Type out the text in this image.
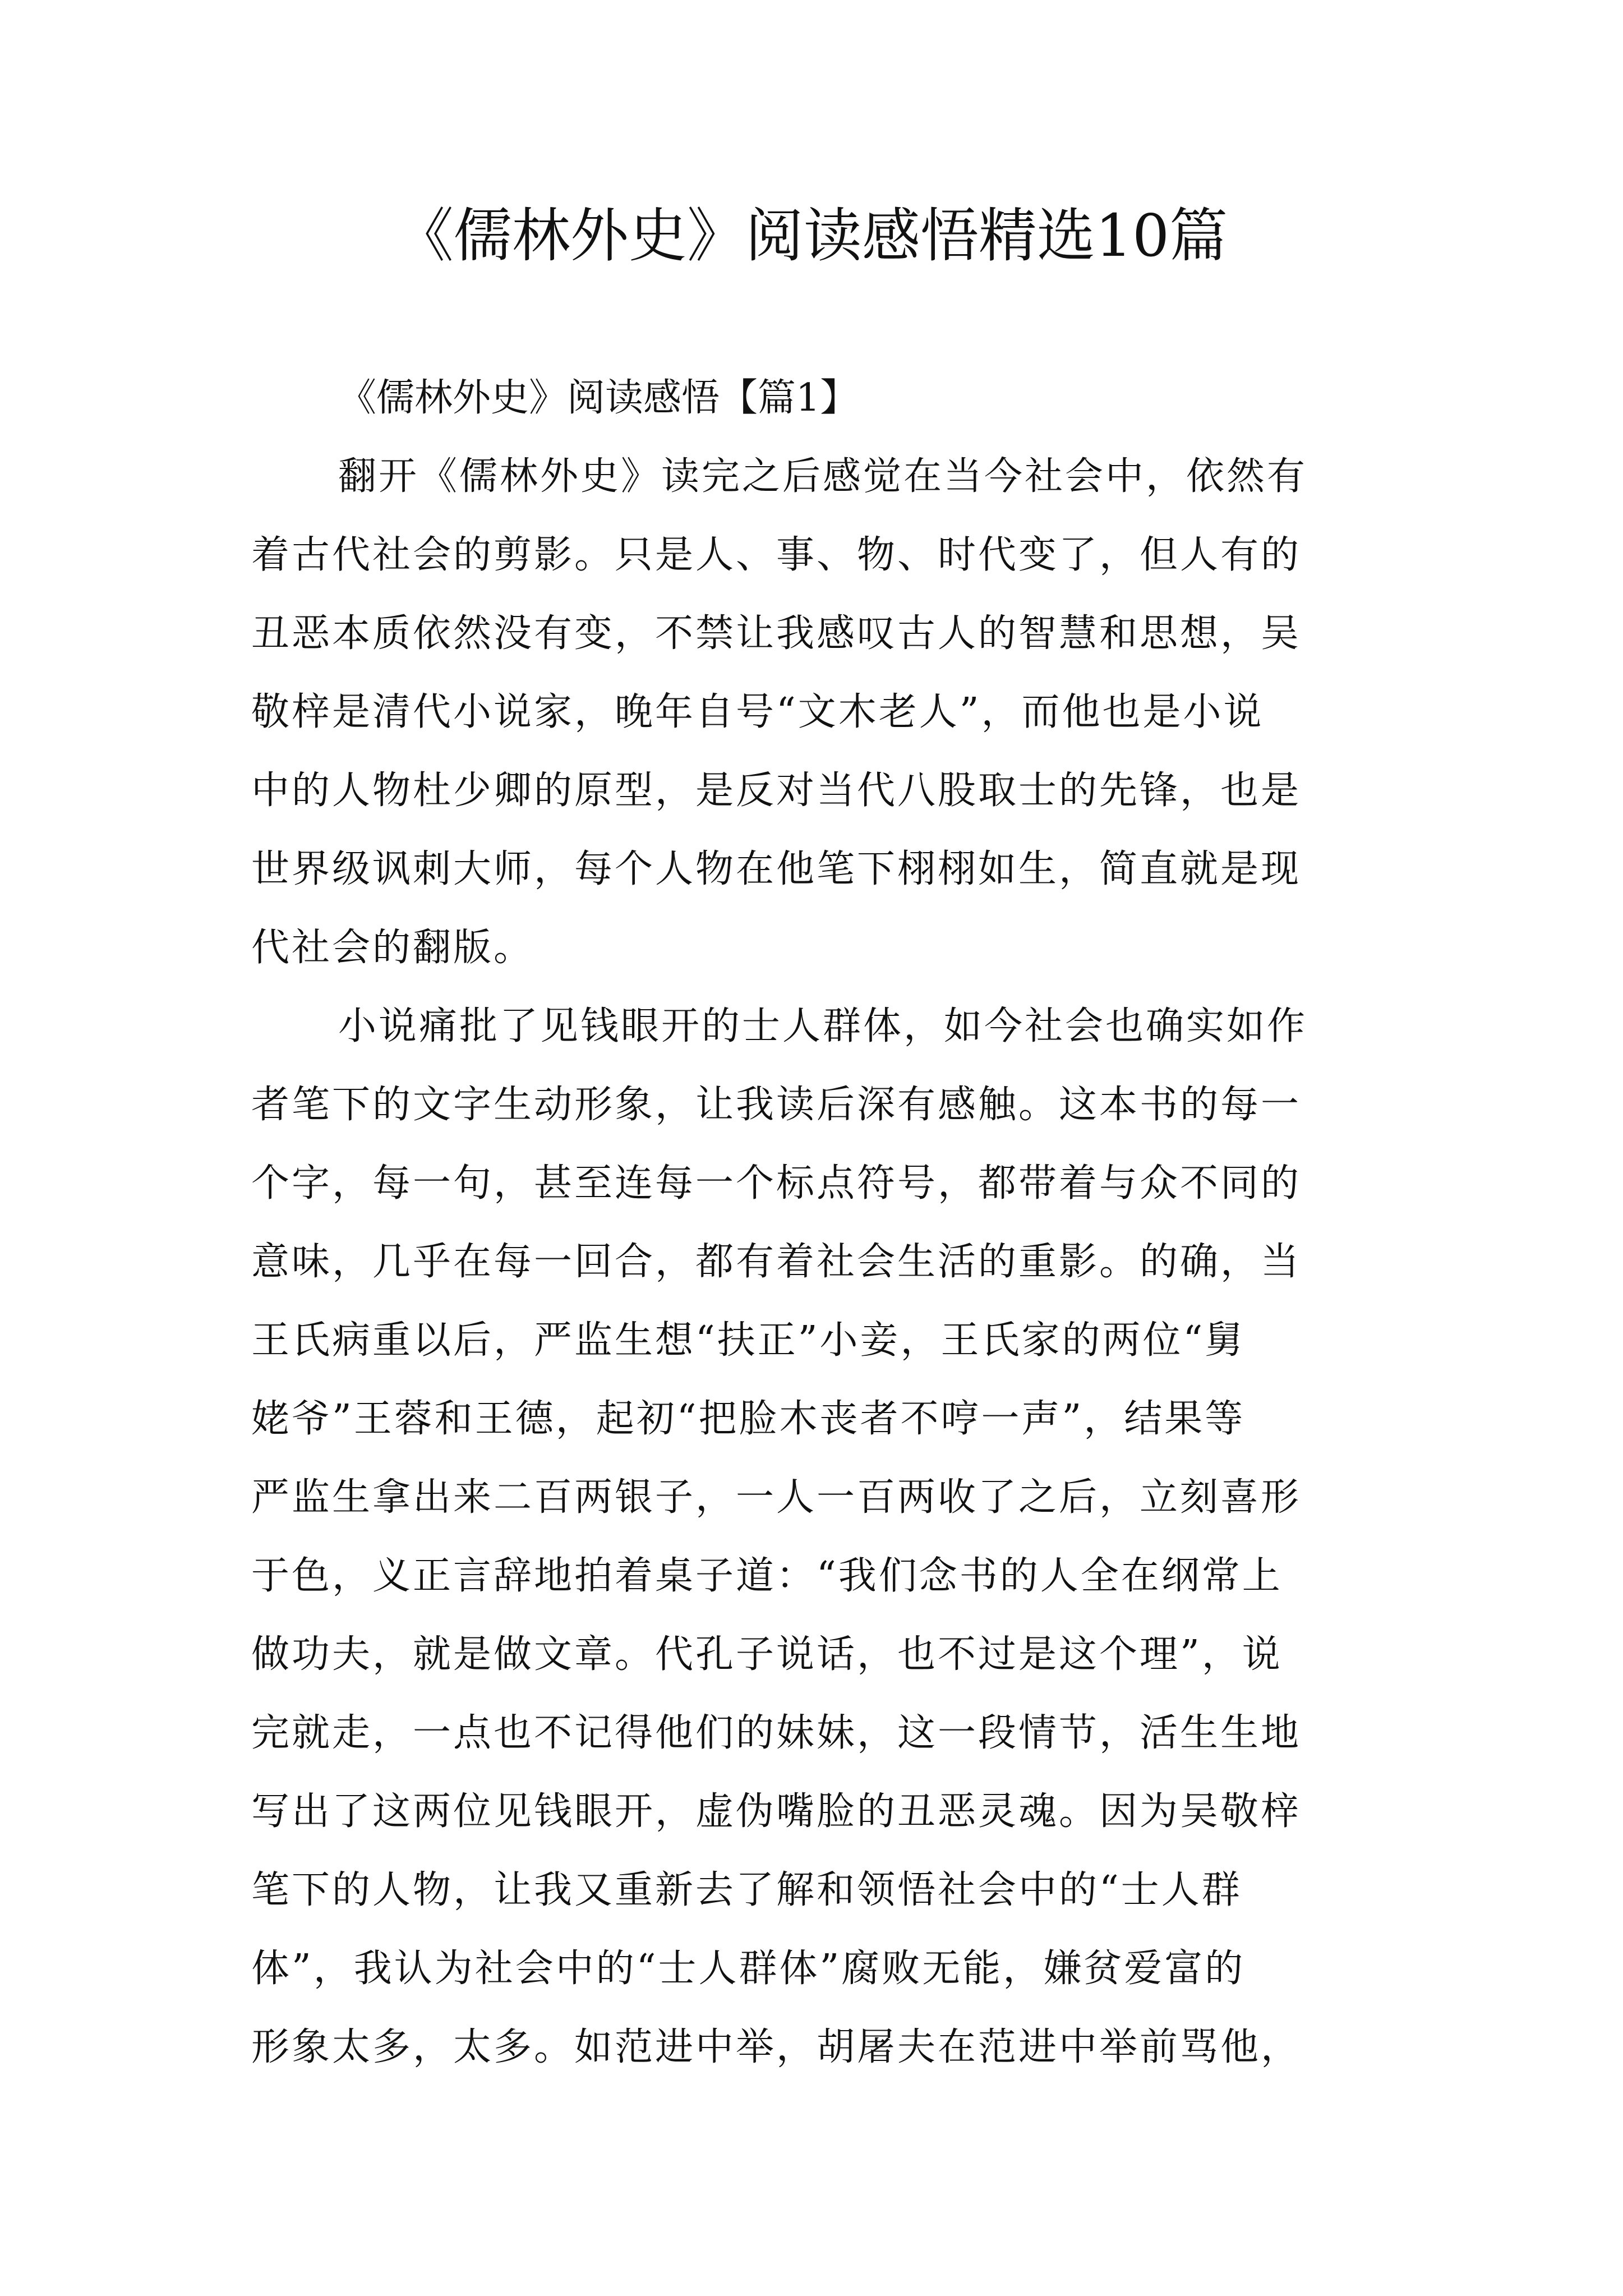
《儒林外史》阅读感悟精选10篇
《儒林外史》阅读感悟【篇1】
翻开《儒林外史》读完之后感觉在当今社会中，依然有
着古代社会的剪影。只是人、事、物、时代变了，但人有的
丑恶本质依然没有变，不禁让我感叹古人的智慧和思想，吴
敬梓是清代小说家，晚年自号“文木老人”，而他也是小说
中的人物杜少卿的原型，是反对当代八股取士的先锋，也是
世界级讽刺大师，每个人物在他笔下栩栩如生，简直就是现
代社会的翻版。
小说痛批了见钱眼开的士人群体，如今社会也确实如作
者笔下的文字生动形象，让我读后深有感触。这本书的每一
个字，每一句，甚至连每一个标点符号，都带着与众不同的
意味，几乎在每一回合，都有着社会生活的重影。的确，当
王氏病重以后，严监生想“扶正”小妾，王氏家的两位“舅
姥爷”王蓉和王德，起初“把脸木丧者不哼一声”，结果等
严监生拿出来二百两银子，一人一百两收了之后，立刻喜形
于色，义正言辞地拍着桌子道：“我们念书的人全在纲常上
做功夫，就是做文章。代孔子说话，也不过是这个理”，说
完就走，一点也不记得他们的妹妹，这一段情节，活生生地
写出了这两位见钱眼开，虚伪嘴脸的丑恶灵魂。因为吴敬梓
笔下的人物，让我又重新去了解和领悟社会中的“士人群
体”，我认为社会中的“士人群体”腐败无能，嫌贫爱富的
形象太多，太多。如范进中举，胡屠夫在范进中举前骂他，
